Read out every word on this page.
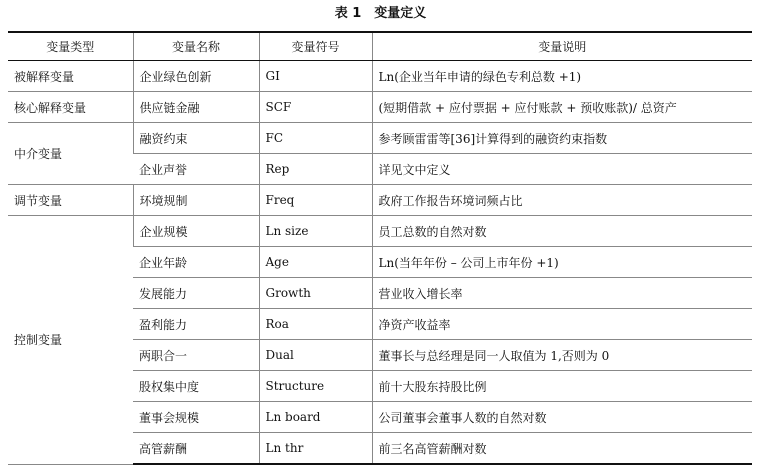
表 1　变量定义
变量类型	变量名称	变量符号	变量说明
被解释变量	企业绿色创新	GI	Ln(企业当年申请的绿色专利总数 +1)
核心解释变量	供应链金融	SCF	(短期借款 + 应付票据 + 应付账款 + 预收账款)/ 总资产
中介变量	融资约束	FC	参考顾雷雷等[36]计算得到的融资约束指数
	企业声誉	Rep	详见文中定义
调节变量	环境规制	Freq	政府工作报告环境词频占比
控制变量	企业规模	Ln size	员工总数的自然对数
	企业年龄	Age	Ln(当年年份 – 公司上市年份 +1)
	发展能力	Growth	营业收入增长率
	盈利能力	Roa	净资产收益率
	两职合一	Dual	董事长与总经理是同一人取值为 1,否则为 0
	股权集中度	Structure	前十大股东持股比例
	董事会规模	Ln board	公司董事会董事人数的自然对数
	高管薪酬	Ln thr	前三名高管薪酬对数
